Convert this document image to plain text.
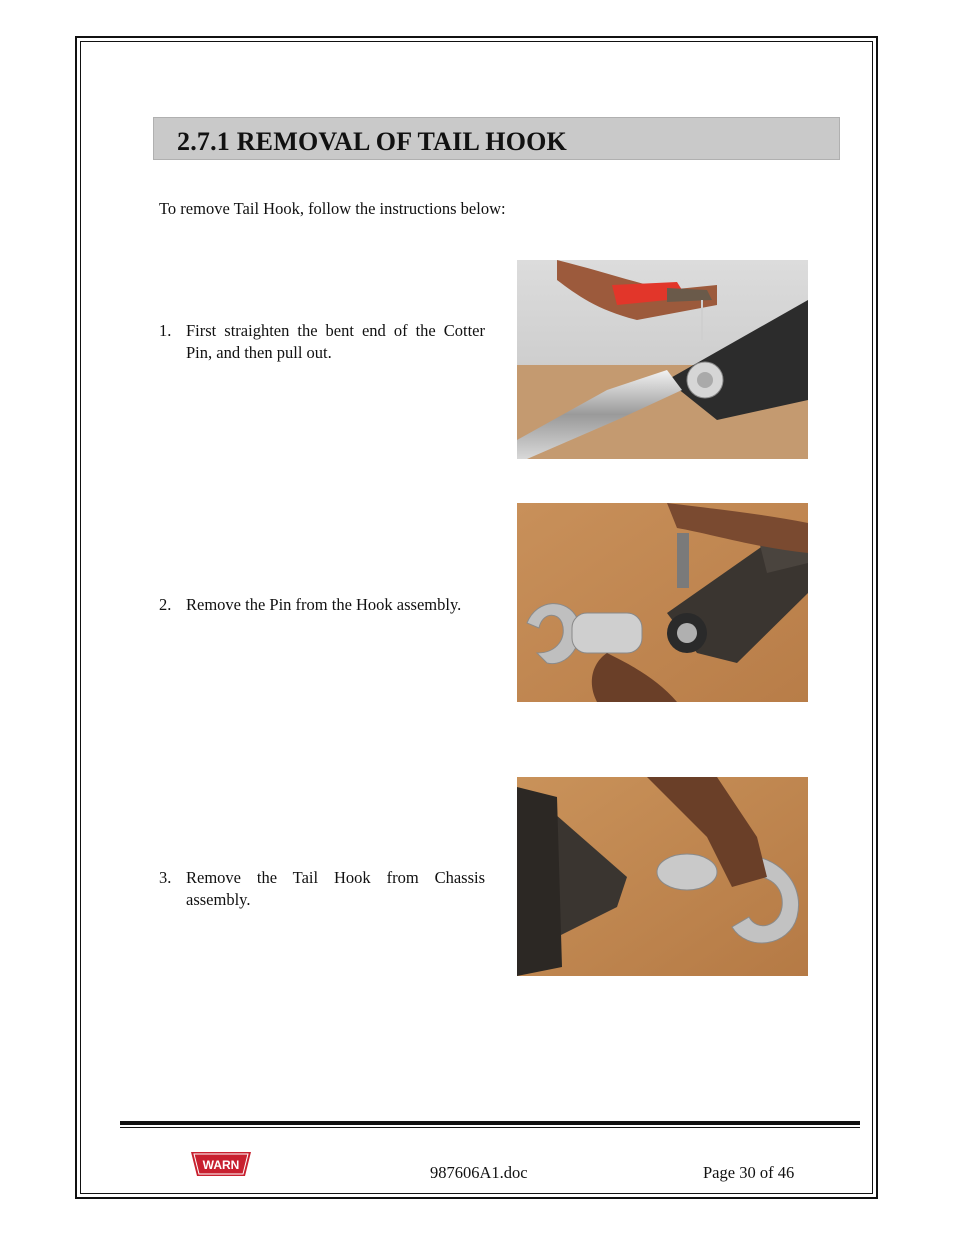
2.7.1 REMOVAL OF TAIL HOOK
To remove Tail Hook, follow the instructions below:
1. First straighten the bent end of the Cotter Pin, and then pull out.
2. Remove the Pin from the Hook assembly.
3. Remove the Tail Hook from Chassis assembly.
WARN	987606A1.doc	Page 30 of 46
